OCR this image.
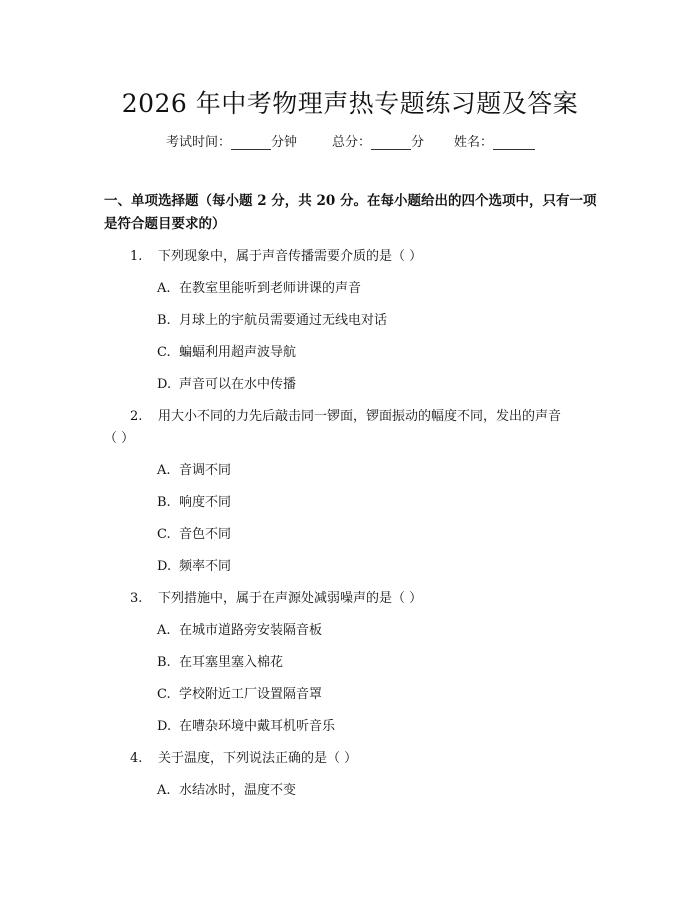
2026 年中考物理声热专题练习题及答案
考试时间：	分钟	总分：	分 姓名：
一、单项选择题（每小题 2 分，共 20 分。在每小题给出的四个选项中，只有一项是符合题目要求的）
1. 下列现象中，属于声音传播需要介质的是（ ）
A. 在教室里能听到老师讲课的声音
B. 月球上的宇航员需要通过无线电对话
C. 蝙蝠利用超声波导航
D. 声音可以在水中传播
2. 用大小不同的力先后敲击同一锣面，锣面振动的幅度不同，发出的声音
（ ）
A. 音调不同
B. 响度不同
C. 音色不同
D. 频率不同
3. 下列措施中，属于在声源处减弱噪声的是（ ）
A. 在城市道路旁安装隔音板
B. 在耳塞里塞入棉花
C. 学校附近工厂设置隔音罩
D. 在嘈杂环境中戴耳机听音乐
4. 关于温度，下列说法正确的是（ ）
A. 水结冰时，温度不变
